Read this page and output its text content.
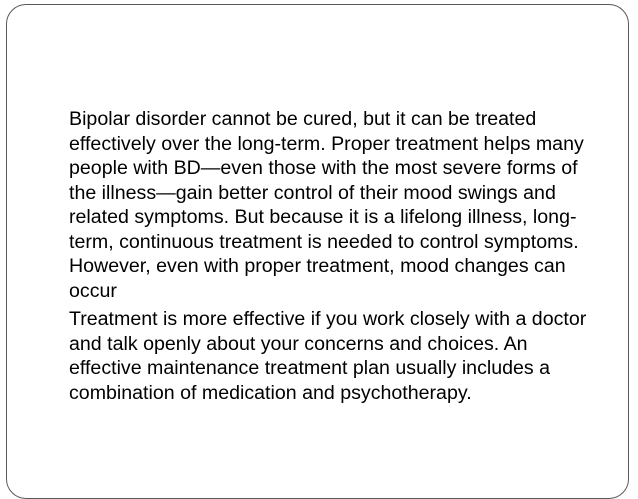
Bipolar disorder cannot be cured, but it can be treated effectively over the long-term. Proper treatment helps many people with BD—even those with the most severe forms of the illness—gain better control of their mood swings and related symptoms. But because it is a lifelong illness, long-term, continuous treatment is needed to control symptoms. However, even with proper treatment, mood changes can occur

Treatment is more effective if you work closely with a doctor and talk openly about your concerns and choices. An effective maintenance treatment plan usually includes a combination of medication and psychotherapy.
